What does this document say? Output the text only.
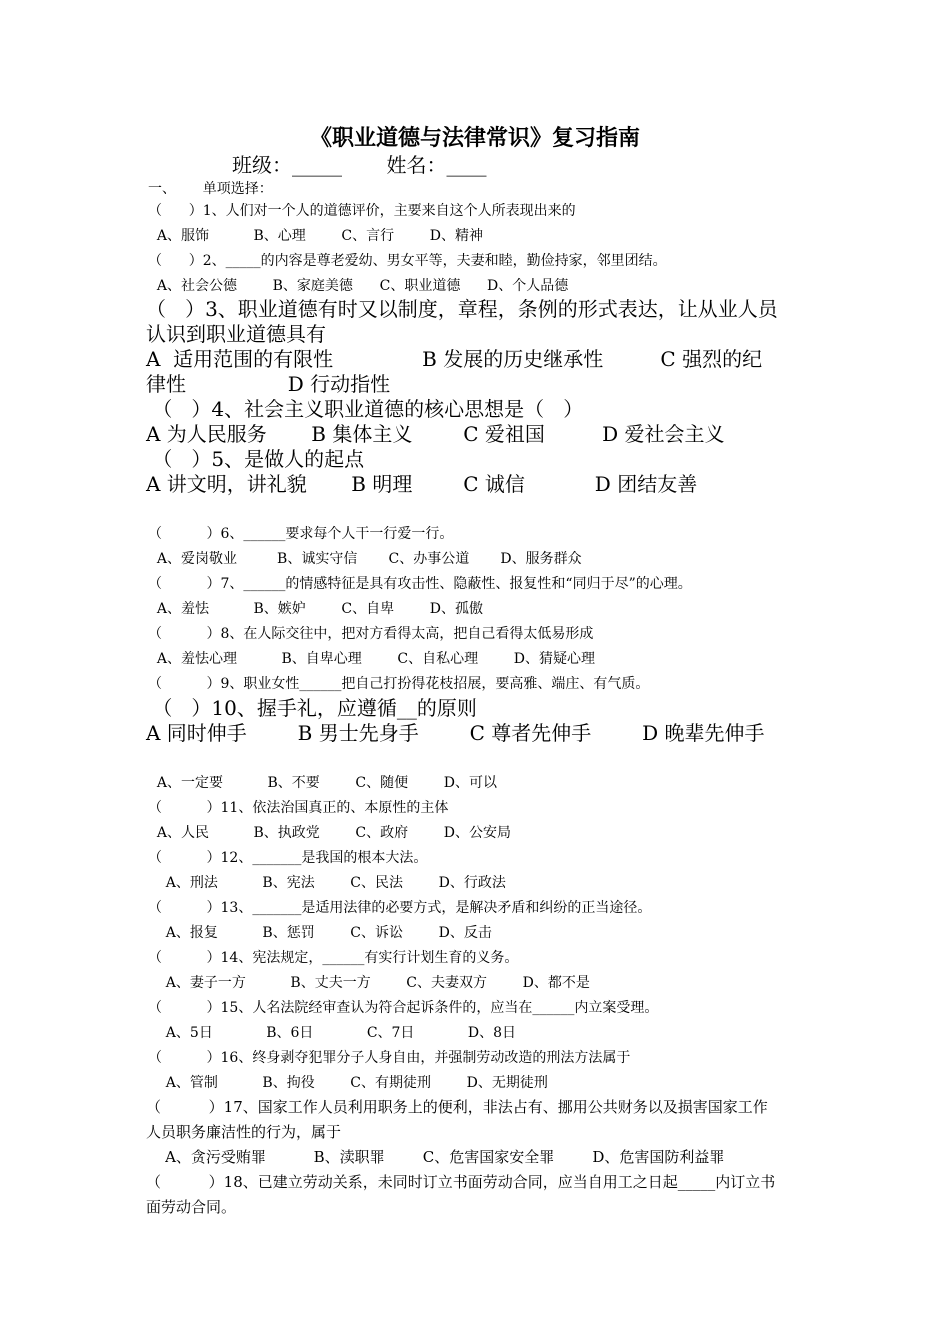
《职业道德与法律常识》复习指南
班级：_____       姓名：____
一、      单项选择：
（      ）1、人们对一个人的道德评价，主要来自这个人所表现出来的
A、服饰          B、心理        C、言行        D、精神
（      ）2、_____的内容是尊老爱幼、男女平等，夫妻和睦，勤俭持家，邻里团结。
A、社会公德        B、家庭美德      C、职业道德      D、个人品德
（   ）3、职业道德有时又以制度，章程，条例的形式表达，让从业人员
认识到职业道德具有
A  适用范围的有限性              B 发展的历史继承性         C 强烈的纪
律性                D 行动指性
（   ）4、社会主义职业道德的核心思想是（   ）
A 为人民服务       B 集体主义        C 爱祖国         D 爱社会主义
（   ）5、是做人的起点
A 讲文明，讲礼貌       B 明理        C 诚信           D 团结友善
（          ）6、______要求每个人干一行爱一行。
A、爱岗敬业         B、诚实守信       C、办事公道       D、服务群众
（          ）7、______的情感特征是具有攻击性、隐蔽性、报复性和“同归于尽”的心理。
A、羞怯          B、嫉妒        C、自卑        D、孤傲
（          ）8、在人际交往中，把对方看得太高，把自己看得太低易形成
A、羞怯心理          B、自卑心理        C、自私心理        D、猜疑心理
（          ）9、职业女性______把自己打扮得花枝招展，要高雅、端庄、有气质。
（   ）10、握手礼，应遵循__的原则
A 同时伸手        B 男士先身手        C 尊者先伸手        D 晚辈先伸手
A、一定要          B、不要        C、随便        D、可以
（          ）11、依法治国真正的、本原性的主体
A、人民          B、执政党        C、政府        D、公安局
（          ）12、_______是我国的根本大法。
A、刑法          B、宪法        C、民法        D、行政法
（          ）13、_______是适用法律的必要方式，是解决矛盾和纠纷的正当途径。
A、报复          B、惩罚        C、诉讼        D、反击
（          ）14、宪法规定，______有实行计划生育的义务。
A、妻子一方          B、丈夫一方        C、夫妻双方        D、都不是
（          ）15、人名法院经审查认为符合起诉条件的，应当在______内立案受理。
A、5日            B、6日            C、7日            D、8日
（          ）16、终身剥夺犯罪分子人身自由，并强制劳动改造的刑法方法属于
A、管制          B、拘役        C、有期徒刑        D、无期徒刑
（          ）17、国家工作人员利用职务上的便利，非法占有、挪用公共财务以及损害国家工作
人员职务廉洁性的行为，属于
A、贪污受贿罪          B、渎职罪        C、危害国家安全罪        D、危害国防利益罪
（          ）18、已建立劳动关系，未同时订立书面劳动合同，应当自用工之日起_____内订立书
面劳动合同。
